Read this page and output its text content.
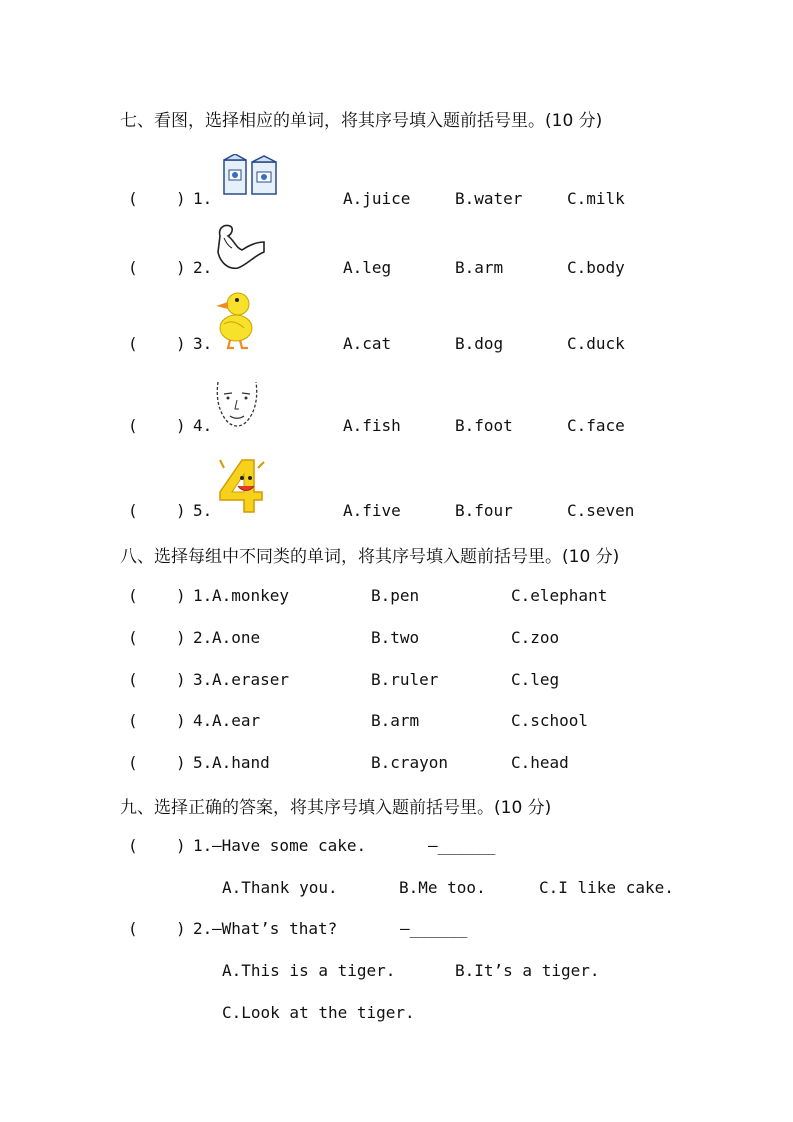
七、看图，选择相应的单词，将其序号填入题前括号里。(10 分)
( ) 1.	A.juice	B.water	C.milk
( ) 2.	A.leg	B.arm	C.body
( ) 3.	A.cat	B.dog	C.duck
( ) 4.	A.fish	B.foot	C.face
( ) 5.	A.five	B.four	C.seven
八、选择每组中不同类的单词，将其序号填入题前括号里。(10 分)
( ) 1. A.monkey	B.pen	C.elephant
( ) 2. A.one	B.two	C.zoo
( ) 3. A.eraser	B.ruler	C.leg
( ) 4. A.ear	B.arm	C.school
( ) 5. A.hand	B.crayon	C.head
九、选择正确的答案，将其序号填入题前括号里。(10 分)
( ) 1. —Have some cake.	—______
A.Thank you.	B.Me too.	C.I like cake.
( ) 2. —What’s that?	—______
A.This is a tiger.	B.It’s a tiger.
C.Look at the tiger.
